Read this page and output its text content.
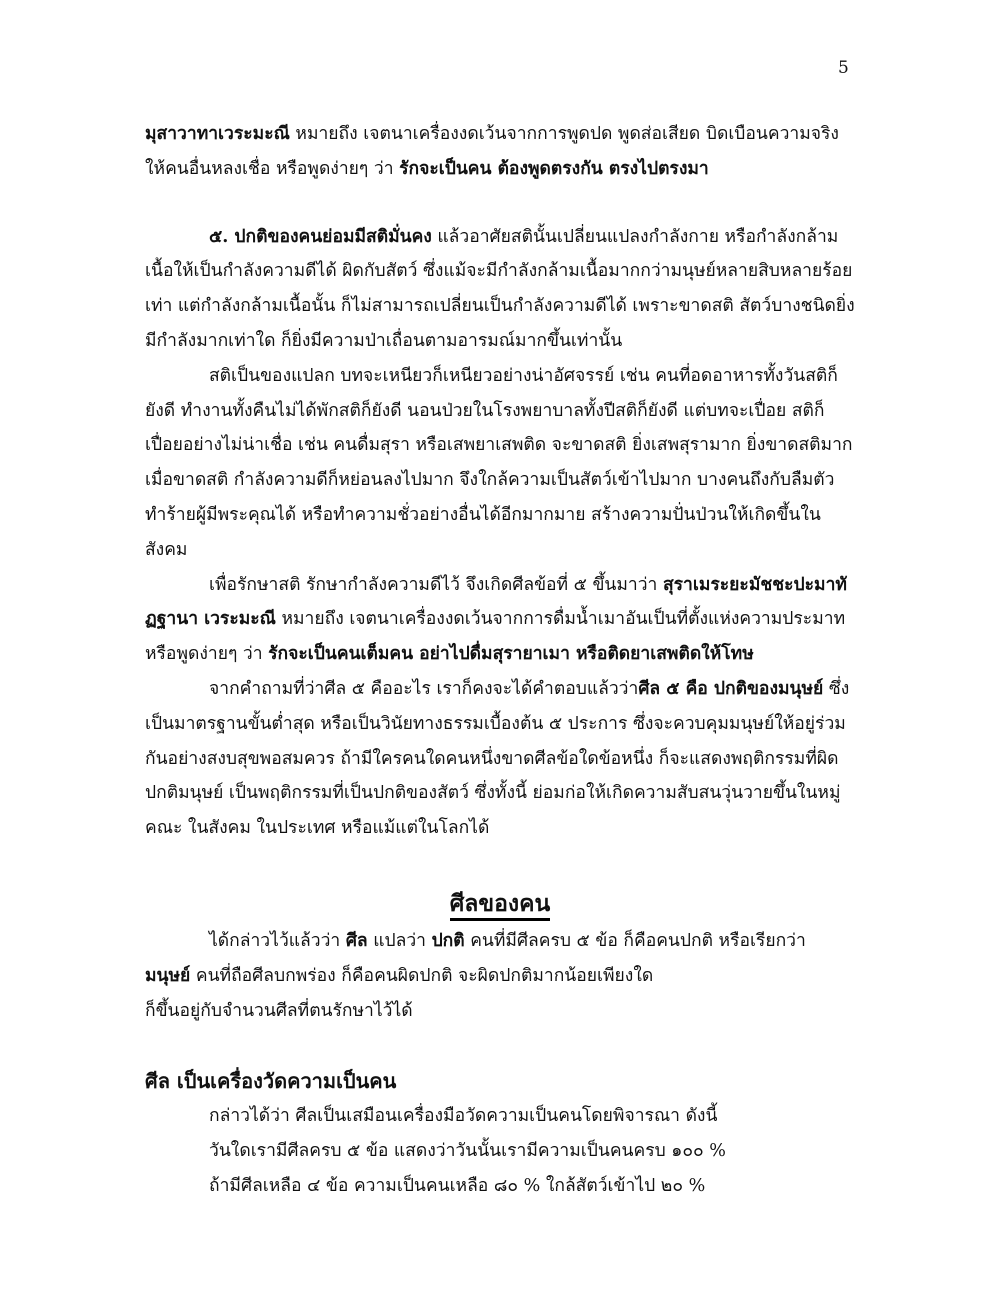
5

มุสาวาทาเวระมะณี หมายถึง เจตนาเครื่องงดเว้นจากการพูดปด พูดส่อเสียด บิดเบือนความจริง ให้คนอื่นหลงเชื่อ หรือพูดง่ายๆ ว่า รักจะเป็นคน ต้องพูดตรงกัน ตรงไปตรงมา

๕. ปกติของคนย่อมมีสติมั่นคง แล้วอาศัยสตินั้นเปลี่ยนแปลงกำลังกาย หรือกำลังกล้ามเนื้อให้เป็นกำลังความดีได้ ผิดกับสัตว์ ซึ่งแม้จะมีกำลังกล้ามเนื้อมากกว่ามนุษย์หลายสิบหลายร้อยเท่า แต่กำลังกล้ามเนื้อนั้น ก็ไม่สามารถเปลี่ยนเป็นกำลังความดีได้ เพราะขาดสติ สัตว์บางชนิดยิ่งมีกำลังมากเท่าใด ก็ยิ่งมีความป่าเถื่อนตามอารมณ์มากขึ้นเท่านั้น

สติเป็นของแปลก บทจะเหนียวก็เหนียวอย่างน่าอัศจรรย์ เช่น คนที่อดอาหารทั้งวันสติก็ยังดี ทำงานทั้งคืนไม่ได้พักสติก็ยังดี นอนป่วยในโรงพยาบาลทั้งปีสติก็ยังดี แต่บทจะเปื่อย สติก็เปื่อยอย่างไม่น่าเชื่อ เช่น คนดื่มสุรา หรือเสพยาเสพติด จะขาดสติ ยิ่งเสพสุรามาก ยิ่งขาดสติมาก เมื่อขาดสติ กำลังความดีก็หย่อนลงไปมาก จึงใกล้ความเป็นสัตว์เข้าไปมาก บางคนถึงกับลืมตัว ทำร้ายผู้มีพระคุณได้ หรือทำความชั่วอย่างอื่นได้อีกมากมาย สร้างความปั่นป่วนให้เกิดขึ้นในสังคม

เพื่อรักษาสติ รักษากำลังความดีไว้ จึงเกิดศีลข้อที่ ๕ ขึ้นมาว่า สุราเมระยะมัชชะปะมาทัฏฐานา เวระมะณี หมายถึง เจตนาเครื่องงดเว้นจากการดื่มน้ำเมาอันเป็นที่ตั้งแห่งความประมาท หรือพูดง่ายๆ ว่า รักจะเป็นคนเต็มคน อย่าไปดื่มสุรายาเมา หรือติดยาเสพติดให้โทษ

จากคำถามที่ว่าศีล ๕ คืออะไร เราก็คงจะได้คำตอบแล้วว่าศีล ๕ คือ ปกติของมนุษย์ ซึ่งเป็นมาตรฐานขั้นต่ำสุด หรือเป็นวินัยทางธรรมเบื้องต้น ๕ ประการ ซึ่งจะควบคุมมนุษย์ให้อยู่ร่วมกันอย่างสงบสุขพอสมควร ถ้ามีใครคนใดคนหนึ่งขาดศีลข้อใดข้อหนึ่ง ก็จะแสดงพฤติกรรมที่ผิดปกติมนุษย์ เป็นพฤติกรรมที่เป็นปกติของสัตว์ ซึ่งทั้งนี้ ย่อมก่อให้เกิดความสับสนวุ่นวายขึ้นในหมู่คณะ ในสังคม ในประเทศ หรือแม้แต่ในโลกได้

ศีลของคน

ได้กล่าวไว้แล้วว่า ศีล แปลว่า ปกติ คนที่มีศีลครบ ๕ ข้อ ก็คือคนปกติ หรือเรียกว่า มนุษย์ คนที่ถือศีลบกพร่อง ก็คือคนผิดปกติ จะผิดปกติมากน้อยเพียงใด
ก็ขึ้นอยู่กับจำนวนศีลที่ตนรักษาไว้ได้

ศีล เป็นเครื่องวัดความเป็นคน

กล่าวได้ว่า ศีลเป็นเสมือนเครื่องมือวัดความเป็นคนโดยพิจารณา ดังนี้

วันใดเรามีศีลครบ ๕ ข้อ แสดงว่าวันนั้นเรามีความเป็นคนครบ ๑๐๐ %

ถ้ามีศีลเหลือ ๔ ข้อ ความเป็นคนเหลือ ๘๐ % ใกล้สัตว์เข้าไป ๒๐ %
